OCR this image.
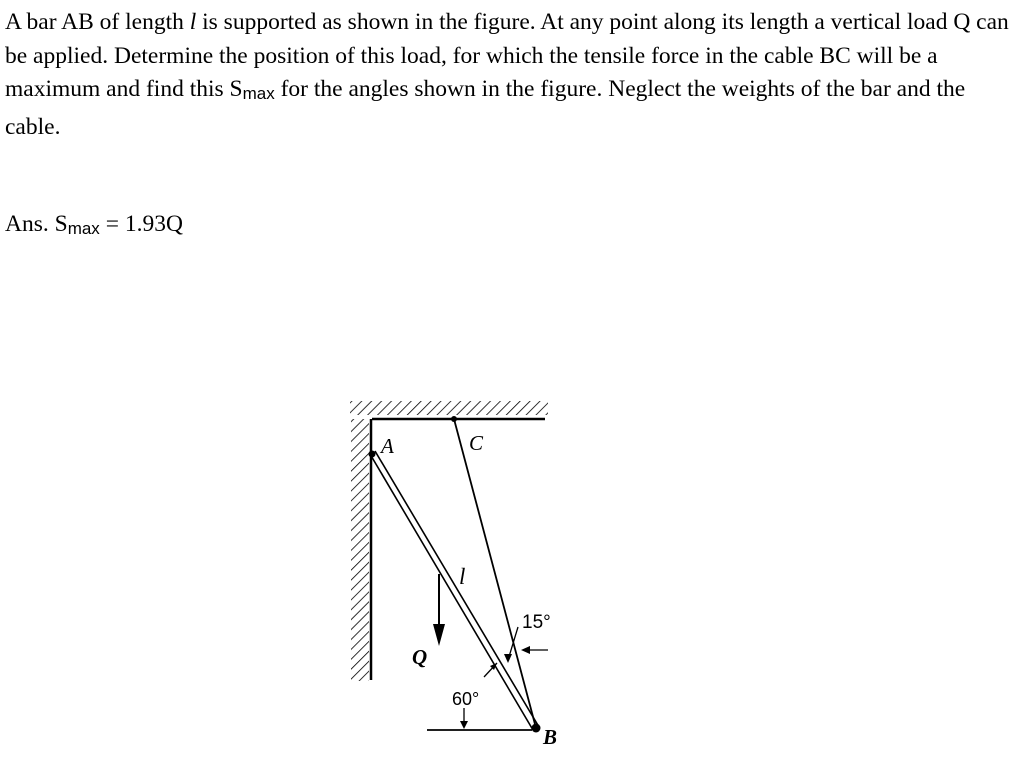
A bar AB of length l is supported as shown in the figure. At any point along its length a vertical load Q can be applied. Determine the position of this load, for which the tensile force in the cable BC will be a maximum and find this Smax for the angles shown in the figure. Neglect the weights of the bar and the cable.

Ans. Smax = 1.93Q

A	C
B
l
Q
15°
60°
